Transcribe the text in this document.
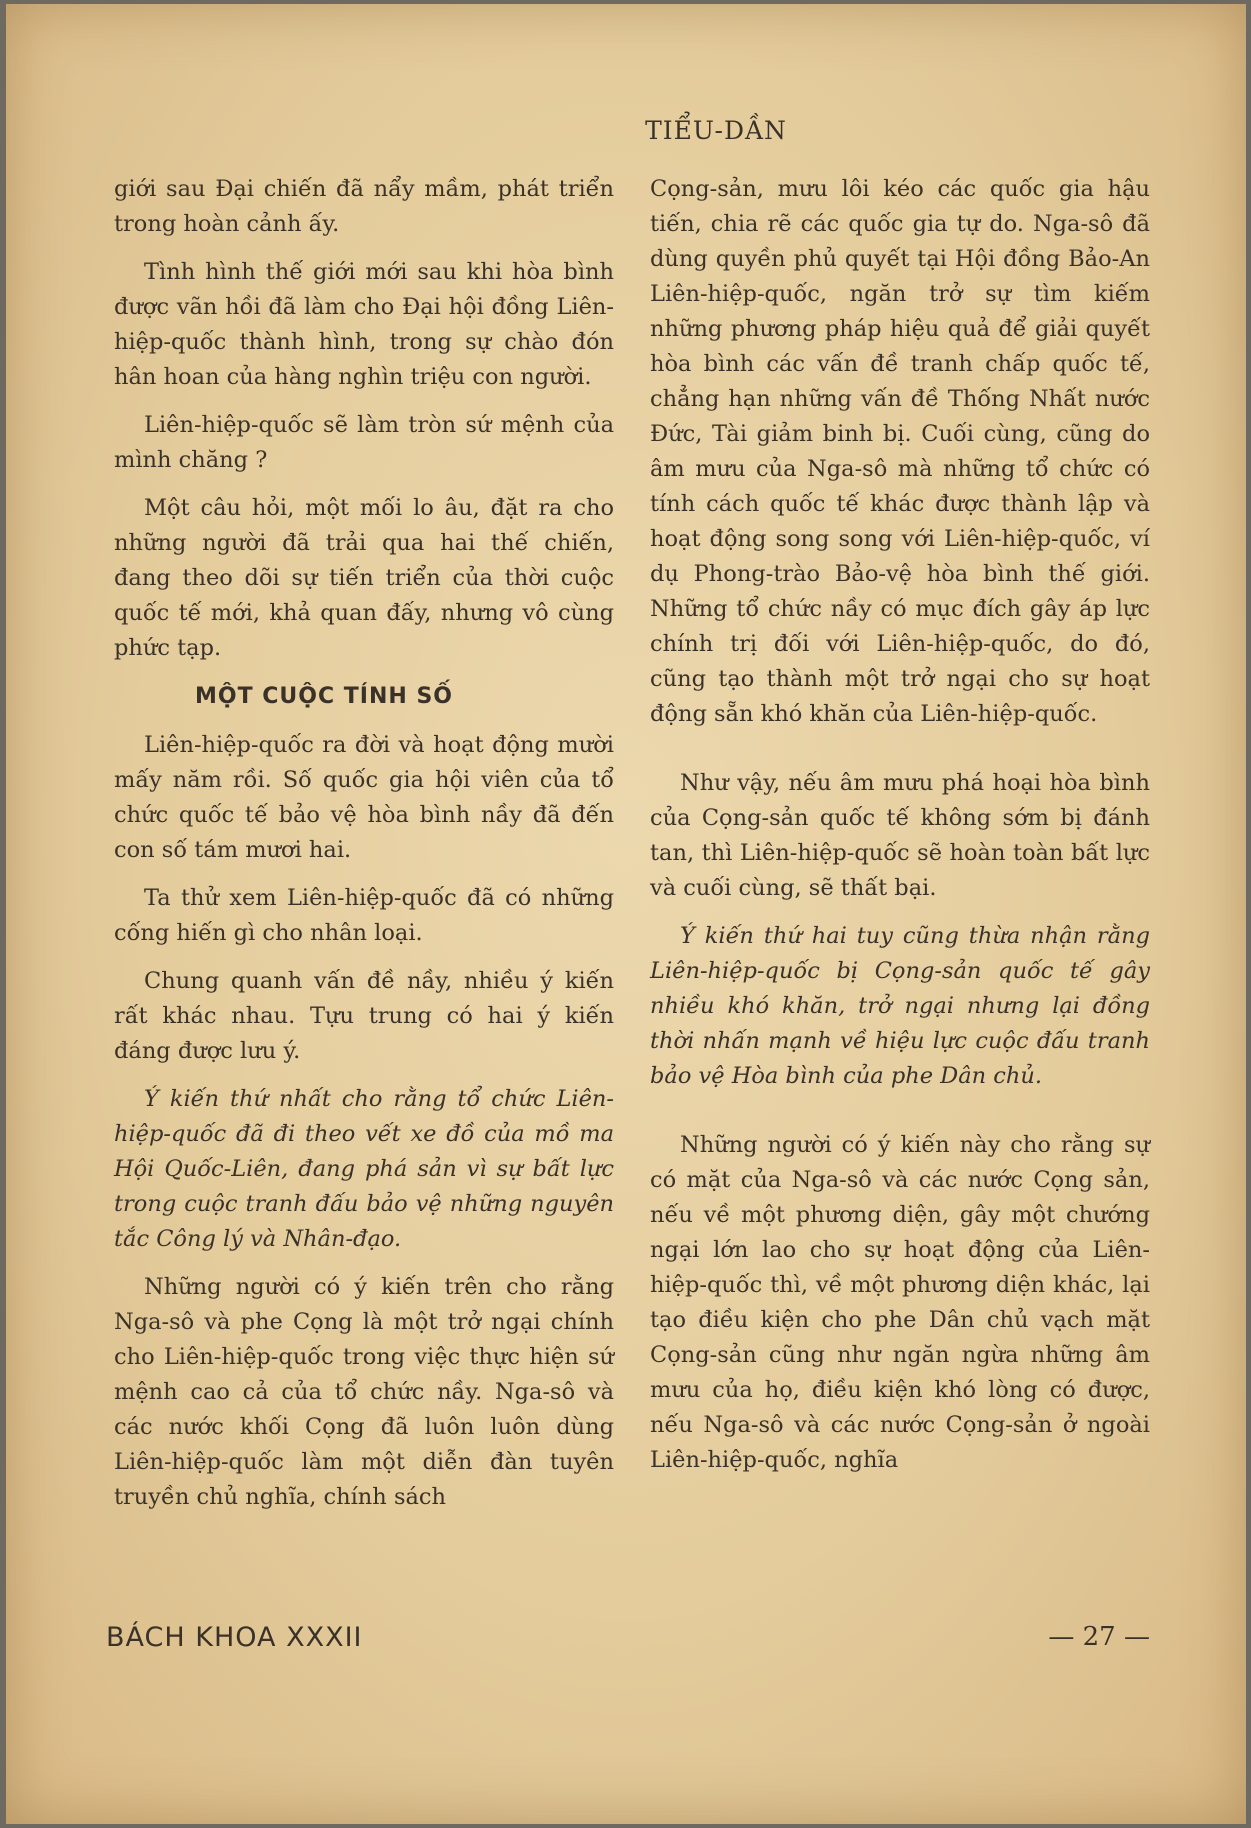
TIỂU-DẦN

giới sau Đại chiến đã nẩy mầm, phát triển trong hoàn cảnh ấy.

Tình hình thế giới mới sau khi hòa bình được vãn hồi đã làm cho Đại hội đồng Liên-hiệp-quốc thành hình, trong sự chào đón hân hoan của hàng nghìn triệu con người.

Liên-hiệp-quốc sẽ làm tròn sứ mệnh của mình chăng ?

Một câu hỏi, một mối lo âu, đặt ra cho những người đã trải qua hai thế chiến, đang theo dõi sự tiến triển của thời cuộc quốc tế mới, khả quan đấy, nhưng vô cùng phức tạp.

MỘT CUỘC TÍNH SỐ

Liên-hiệp-quốc ra đời và hoạt động mười mấy năm rồi. Số quốc gia hội viên của tổ chức quốc tế bảo vệ hòa bình nầy đã đến con số tám mươi hai.

Ta thử xem Liên-hiệp-quốc đã có những cống hiến gì cho nhân loại.

Chung quanh vấn đề nầy, nhiều ý kiến rất khác nhau. Tựu trung có hai ý kiến đáng được lưu ý.

Ý kiến thứ nhất cho rằng tổ chức Liên-hiệp-quốc đã đi theo vết xe đồ của mồ ma Hội Quốc-Liên, đang phá sản vì sự bất lực trong cuộc tranh đấu bảo vệ những nguyên tắc Công lý và Nhân-đạo.

Những người có ý kiến trên cho rằng Nga-sô và phe Cọng là một trở ngại chính cho Liên-hiệp-quốc trong việc thực hiện sứ mệnh cao cả của tổ chức nầy. Nga-sô và các nước khối Cọng đã luôn luôn dùng Liên-hiệp-quốc làm một diễn đàn tuyên truyền chủ nghĩa, chính sách

Cọng-sản, mưu lôi kéo các quốc gia hậu tiến, chia rẽ các quốc gia tự do. Nga-sô đã dùng quyền phủ quyết tại Hội đồng Bảo-An Liên-hiệp-quốc, ngăn trở sự tìm kiếm những phương pháp hiệu quả để giải quyết hòa bình các vấn đề tranh chấp quốc tế, chẳng hạn những vấn đề Thống Nhất nước Đức, Tài giảm binh bị. Cuối cùng, cũng do âm mưu của Nga-sô mà những tổ chức có tính cách quốc tế khác được thành lập và hoạt động song song với Liên-hiệp-quốc, ví dụ Phong-trào Bảo-vệ hòa bình thế giới. Những tổ chức nầy có mục đích gây áp lực chính trị đối với Liên-hiệp-quốc, do đó, cũng tạo thành một trở ngại cho sự hoạt động sẵn khó khăn của Liên-hiệp-quốc.

Như vậy, nếu âm mưu phá hoại hòa bình của Cọng-sản quốc tế không sớm bị đánh tan, thì Liên-hiệp-quốc sẽ hoàn toàn bất lực và cuối cùng, sẽ thất bại.

Ý kiến thứ hai tuy cũng thừa nhận rằng Liên-hiệp-quốc bị Cọng-sản quốc tế gây nhiều khó khăn, trở ngại nhưng lại đồng thời nhấn mạnh về hiệu lực cuộc đấu tranh bảo vệ Hòa bình của phe Dân chủ.

Những người có ý kiến này cho rằng sự có mặt của Nga-sô và các nước Cọng sản, nếu về một phương diện, gây một chướng ngại lớn lao cho sự hoạt động của Liên-hiệp-quốc thì, về một phương diện khác, lại tạo điều kiện cho phe Dân chủ vạch mặt Cọng-sản cũng như ngăn ngừa những âm mưu của họ, điều kiện khó lòng có được, nếu Nga-sô và các nước Cọng-sản ở ngoài Liên-hiệp-quốc, nghĩa

BÁCH KHOA XXXII	— 27 —
